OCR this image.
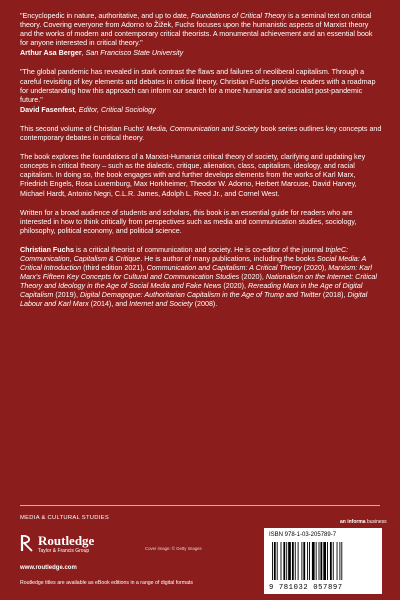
"Encyclopedic in nature, authoritative, and up to date, Foundations of Critical Theory is a seminal text on critical theory. Covering everyone from Adorno to Žižek, Fuchs focuses upon the humanistic aspects of Marxist theory and the works of modern and contemporary critical theorists. A monumental achievement and an essential book for anyone interested in critical theory."

Arthur Asa Berger, San Francisco State University

"The global pandemic has revealed in stark contrast the flaws and failures of neoliberal capitalism. Through a careful revisiting of key elements and debates in critical theory, Christian Fuchs provides readers with a roadmap for understanding how this approach can inform our search for a more humanist and socialist post-pandemic future."

David Fasenfest, Editor, Critical Sociology

This second volume of Christian Fuchs' Media, Communication and Society book series outlines key concepts and contemporary debates in critical theory.

The book explores the foundations of a Marxist-Humanist critical theory of society, clarifying and updating key concepts in critical theory – such as the dialectic, critique, alienation, class, capitalism, ideology, and racial capitalism. In doing so, the book engages with and further develops elements from the works of Karl Marx, Friedrich Engels, Rosa Luxemburg, Max Horkheimer, Theodor W. Adorno, Herbert Marcuse, David Harvey, Michael Hardt, Antonio Negri, C.L.R. James, Adolph L. Reed Jr., and Cornel West.

Written for a broad audience of students and scholars, this book is an essential guide for readers who are interested in how to think critically from perspectives such as media and communication studies, sociology, philosophy, political economy, and political science.

Christian Fuchs is a critical theorist of communication and society. He is co-editor of the journal tripleC: Communication, Capitalism & Critique. He is author of many publications, including the books Social Media: A Critical Introduction (third edition 2021), Communication and Capitalism: A Critical Theory (2020), Marxism: Karl Marx's Fifteen Key Concepts for Cultural and Communication Studies (2020), Nationalism on the Internet: Critical Theory and Ideology in the Age of Social Media and Fake News (2020), Rereading Marx in the Age of Digital Capitalism (2019), Digital Demagogue: Authoritarian Capitalism in the Age of Trump and Twitter (2018), Digital Labour and Karl Marx (2014), and Internet and Society (2008).

MEDIA & CULTURAL STUDIES
Routledge
Taylor & Francis Group
www.routledge.com
Routledge titles are available as eBook editions in a range of digital formats
Cover image: © Getty Images
an informa business
ISBN 978-1-03-205789-7
9 781032 057897
